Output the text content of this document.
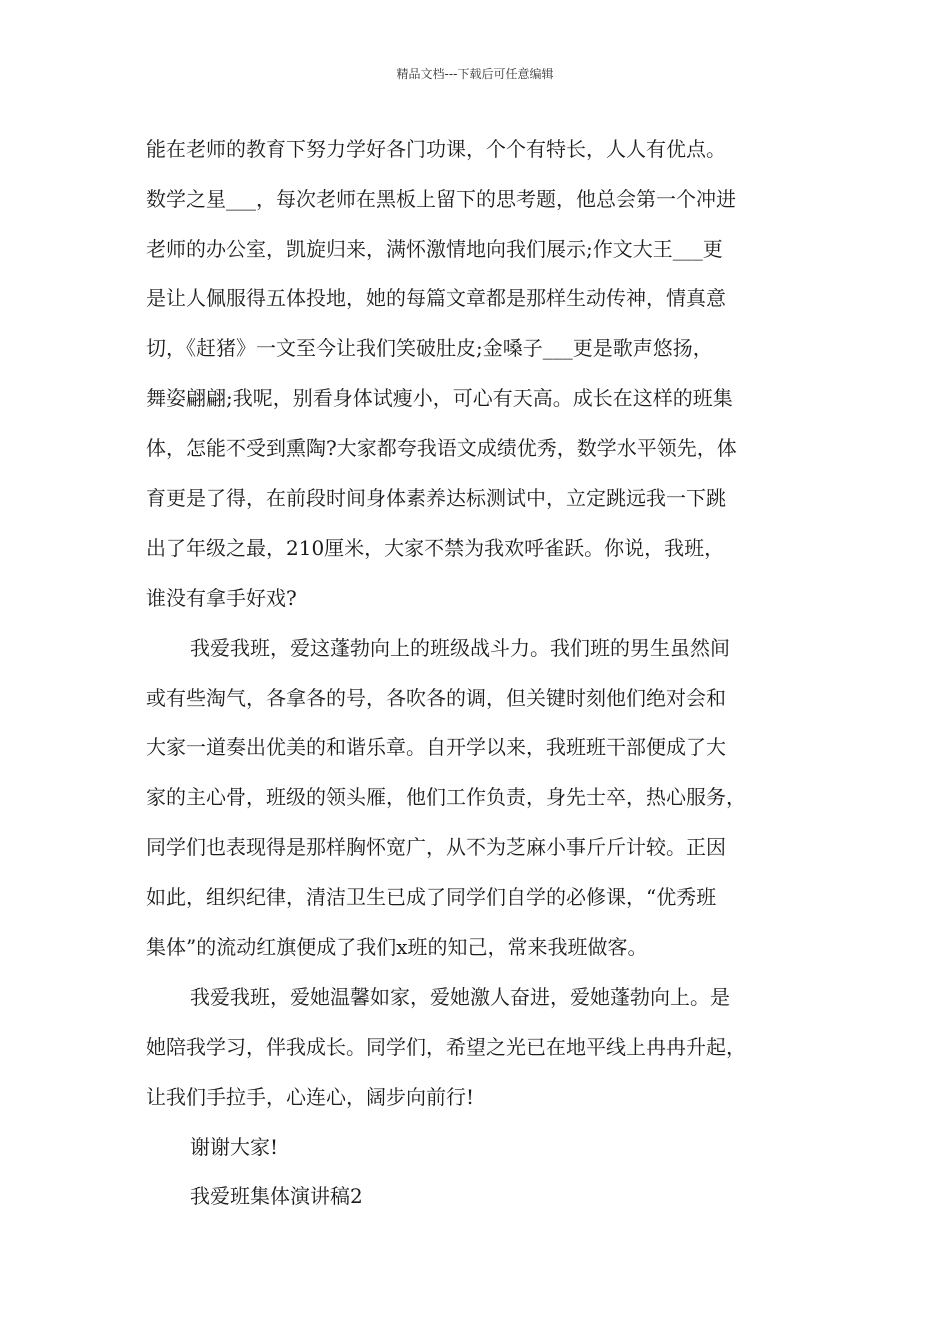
精品文档---下载后可任意编辑
能在老师的教育下努力学好各门功课，个个有特长，人人有优点。
数学之星___，每次老师在黑板上留下的思考题，他总会第一个冲进
老师的办公室，凯旋归来，满怀激情地向我们展示;作文大王___更
是让人佩服得五体投地，她的每篇文章都是那样生动传神，情真意
切，《赶猪》一文至今让我们笑破肚皮;金嗓子___更是歌声悠扬，
舞姿翩翩;我呢，别看身体试瘦小，可心有天高。成长在这样的班集
体，怎能不受到熏陶?大家都夸我语文成绩优秀，数学水平领先，体
育更是了得，在前段时间身体素养达标测试中，立定跳远我一下跳
出了年级之最，210厘米，大家不禁为我欢呼雀跃。你说，我班，
谁没有拿手好戏?
我爱我班，爱这蓬勃向上的班级战斗力。我们班的男生虽然间
或有些淘气，各拿各的号，各吹各的调，但关键时刻他们绝对会和
大家一道奏出优美的和谐乐章。自开学以来，我班班干部便成了大
家的主心骨，班级的领头雁，他们工作负责，身先士卒，热心服务，
同学们也表现得是那样胸怀宽广，从不为芝麻小事斤斤计较。正因
如此，组织纪律，清洁卫生已成了同学们自学的必修课，“优秀班
集体”的流动红旗便成了我们x班的知己，常来我班做客。
我爱我班，爱她温馨如家，爱她激人奋进，爱她蓬勃向上。是
她陪我学习，伴我成长。同学们，希望之光已在地平线上冉冉升起，
让我们手拉手，心连心，阔步向前行!
谢谢大家!
我爱班集体演讲稿2
